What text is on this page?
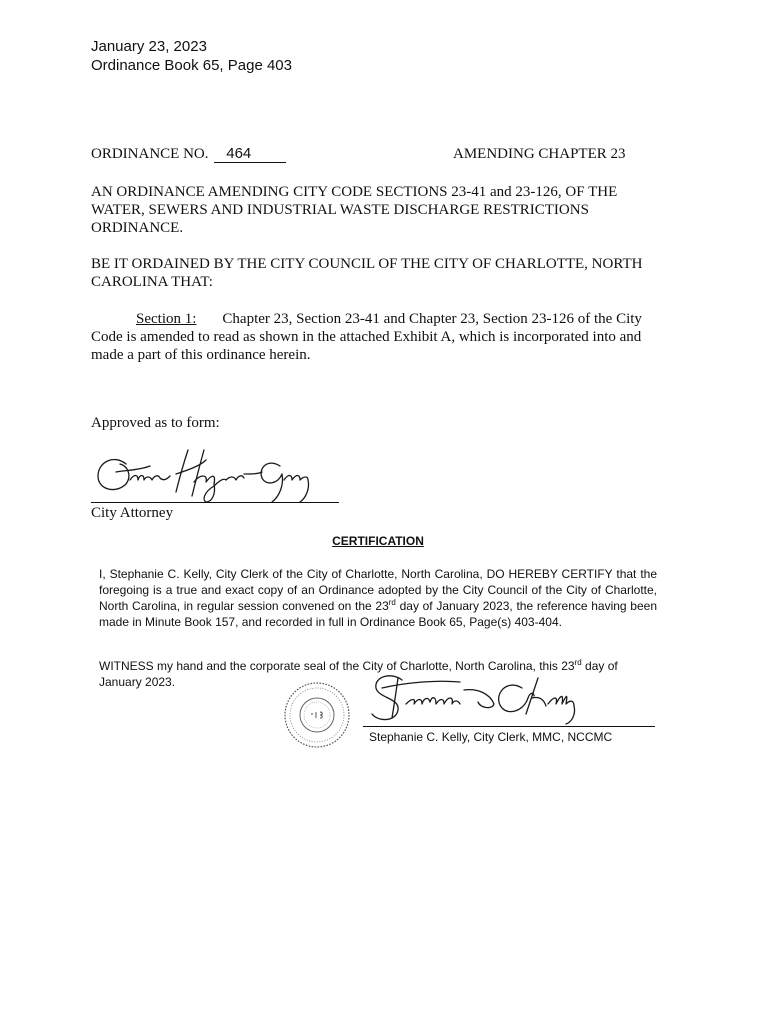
January 23, 2023
Ordinance Book 65, Page 403
ORDINANCE NO. 464	AMENDING CHAPTER 23
AN ORDINANCE AMENDING CITY CODE SECTIONS 23-41 and 23-126, OF THE WATER, SEWERS AND INDUSTRIAL WASTE DISCHARGE RESTRICTIONS ORDINANCE.
BE IT ORDAINED BY THE CITY COUNCIL OF THE CITY OF CHARLOTTE, NORTH CAROLINA THAT:
Section 1: Chapter 23, Section 23-41 and Chapter 23, Section 23-126 of the City Code is amended to read as shown in the attached Exhibit A, which is incorporated into and made a part of this ordinance herein.
Approved as to form:
City Attorney
CERTIFICATION
I, Stephanie C. Kelly, City Clerk of the City of Charlotte, North Carolina, DO HEREBY CERTIFY that the foregoing is a true and exact copy of an Ordinance adopted by the City Council of the City of Charlotte, North Carolina, in regular session convened on the 23rd day of January 2023, the reference having been made in Minute Book 157, and recorded in full in Ordinance Book 65, Page(s) 403-404.
WITNESS my hand and the corporate seal of the City of Charlotte, North Carolina, this 23rd day of January 2023.
Stephanie C. Kelly, City Clerk, MMC, NCCMC
